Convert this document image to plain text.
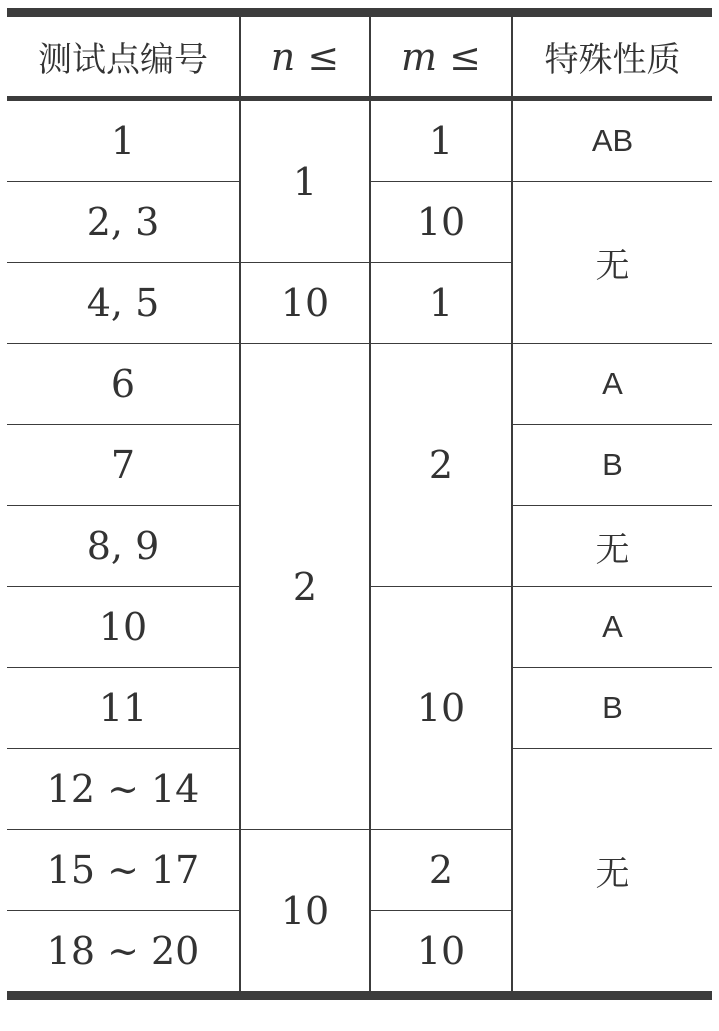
测试点编号	n ≤	m ≤	特殊性质
1	1	1	AB
2, 3		10	无
4, 5	10	1	
6	2	2	A
7			B
8, 9			无
10		10	A
11			B
12 ∼ 14			无
15 ∼ 17	10	2	
18 ∼ 20		10	
